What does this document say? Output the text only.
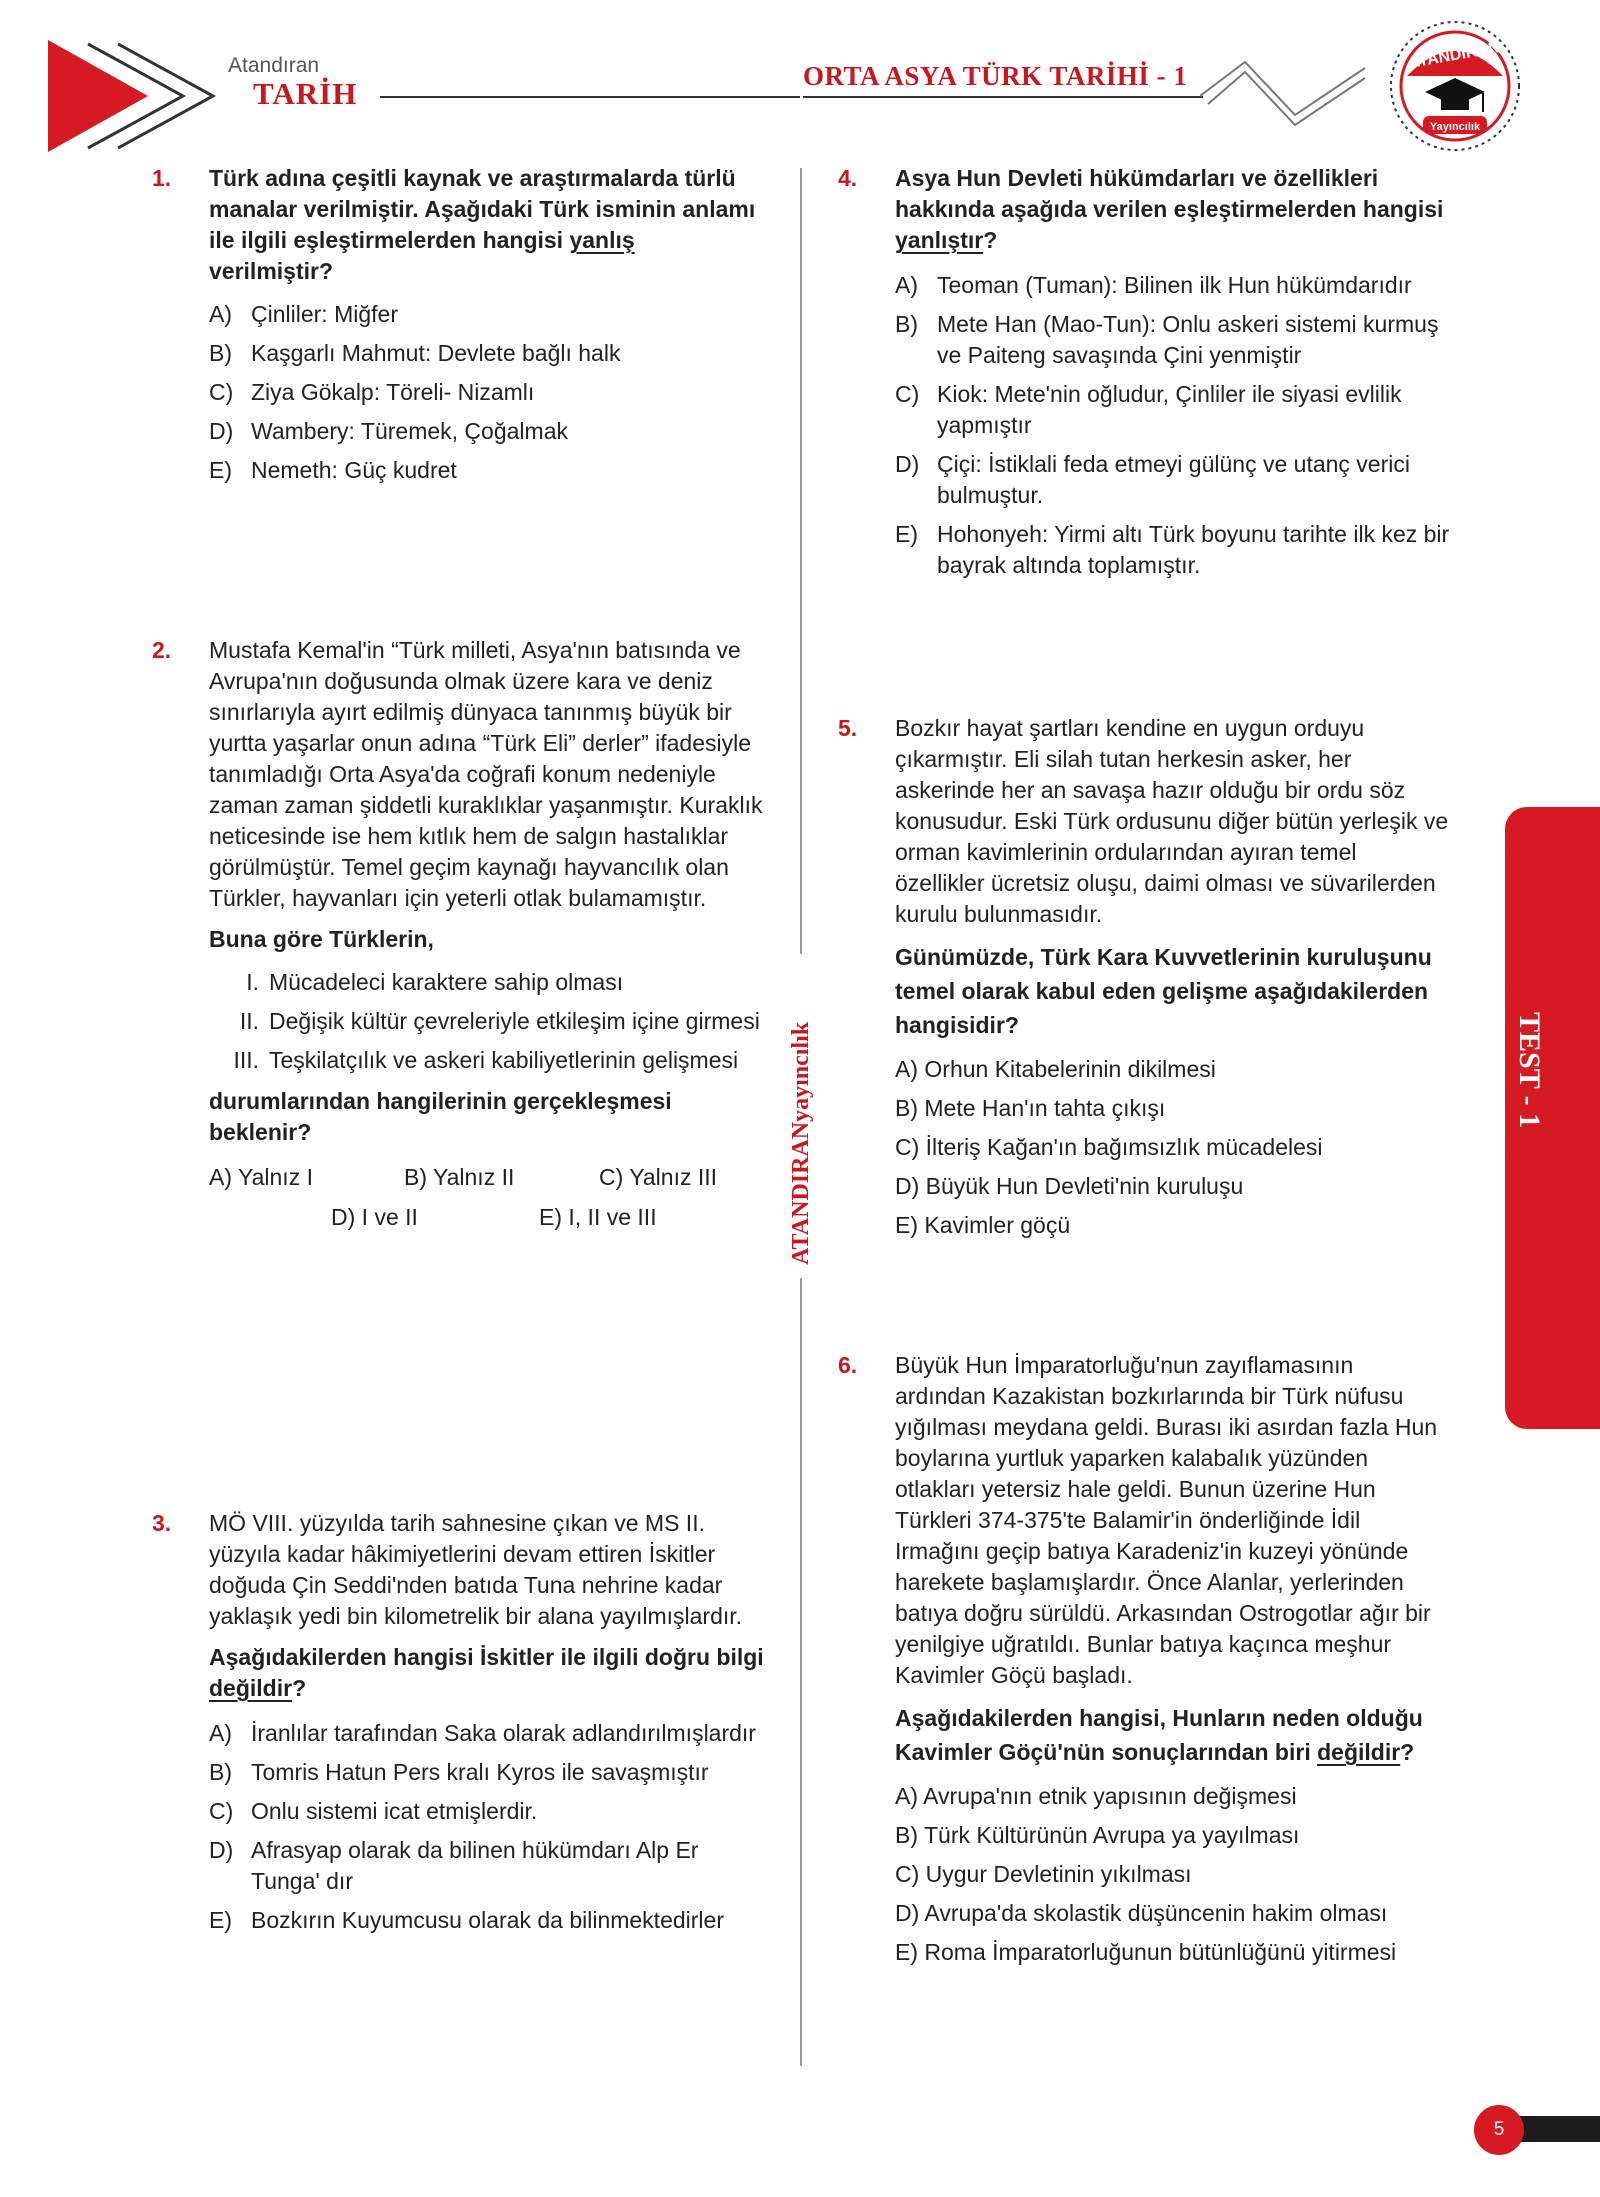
Atandıran
TARİH	ORTA ASYA TÜRK TARİHİ - 1
ATANDIRAN
Yayıncılık
ATANDIRANyayıncılık	TEST - 1
1. Türk adına çeşitli kaynak ve araştırmalarda türlü manalar verilmiştir. Aşağıdaki Türk isminin anlamı ile ilgili eşleştirmelerden hangisi yanlış verilmiştir?

A) Çinliler: Miğfer
B) Kaşgarlı Mahmut: Devlete bağlı halk
C) Ziya Gökalp: Töreli- Nizamlı
D) Wambery: Türemek, Çoğalmak
E) Nemeth: Güç kudret
2. Mustafa Kemal'in “Türk milleti, Asya'nın batısında ve Avrupa'nın doğusunda olmak üzere kara ve deniz sınırlarıyla ayırt edilmiş dünyaca tanınmış büyük bir yurtta yaşarlar onun adına “Türk Eli” derler” ifadesiyle tanımladığı Orta Asya'da coğrafi konum nedeniyle zaman zaman şiddetli kuraklıklar yaşanmıştır. Kuraklık neticesinde ise hem kıtlık hem de salgın hastalıklar görülmüştür. Temel geçim kaynağı hayvancılık olan Türkler, hayvanları için yeterli otlak bulamamıştır.

Buna göre Türklerin,

I. Mücadeleci karaktere sahip olması
II. Değişik kültür çevreleriyle etkileşim içine girmesi
III. Teşkilatçılık ve askeri kabiliyetlerinin gelişmesi

durumlarından hangilerinin gerçekleşmesi beklenir?

A) Yalnız I	B) Yalnız II	C) Yalnız III
D) I ve II	E) I, II ve III
3. MÖ VIII. yüzyılda tarih sahnesine çıkan ve MS II. yüzyıla kadar hâkimiyetlerini devam ettiren İskitler doğuda Çin Seddi'nden batıda Tuna nehrine kadar yaklaşık yedi bin kilometrelik bir alana yayılmışlardır.

Aşağıdakilerden hangisi İskitler ile ilgili doğru bilgi değildir?

A) İranlılar tarafından Saka olarak adlandırılmışlardır
B) Tomris Hatun Pers kralı Kyros ile savaşmıştır
C) Onlu sistemi icat etmişlerdir.
D) Afrasyap olarak da bilinen hükümdarı Alp Er Tunga' dır
E) Bozkırın Kuyumcusu olarak da bilinmektedirler
4. Asya Hun Devleti hükümdarları ve özellikleri hakkında aşağıda verilen eşleştirmelerden hangisi yanlıştır?

A) Teoman (Tuman): Bilinen ilk Hun hükümdarıdır
B) Mete Han (Mao-Tun): Onlu askeri sistemi kurmuş ve Paiteng savaşında Çini yenmiştir
C) Kiok: Mete'nin oğludur, Çinliler ile siyasi evlilik yapmıştır
D) Çiçi: İstiklali feda etmeyi gülünç ve utanç verici bulmuştur.
E) Hohonyeh: Yirmi altı Türk boyunu tarihte ilk kez bir bayrak altında toplamıştır.
5. Bozkır hayat şartları kendine en uygun orduyu çıkarmıştır. Eli silah tutan herkesin asker, her askerinde her an savaşa hazır olduğu bir ordu söz konusudur. Eski Türk ordusunu diğer bütün yerleşik ve orman kavimlerinin ordularından ayıran temel özellikler ücretsiz oluşu, daimi olması ve süvarilerden kurulu bulunmasıdır.

Günümüzde, Türk Kara Kuvvetlerinin kuruluşunu temel olarak kabul eden gelişme aşağıdakilerden hangisidir?

A) Orhun Kitabelerinin dikilmesi
B) Mete Han'ın tahta çıkışı
C) İlteriş Kağan'ın bağımsızlık mücadelesi
D) Büyük Hun Devleti'nin kuruluşu
E) Kavimler göçü
6. Büyük Hun İmparatorluğu'nun zayıflamasının ardından Kazakistan bozkırlarında bir Türk nüfusu yığılması meydana geldi. Burası iki asırdan fazla Hun boylarına yurtluk yaparken kalabalık yüzünden otlakları yetersiz hale geldi. Bunun üzerine Hun Türkleri 374-375'te Balamir'in önderliğinde İdil Irmağını geçip batıya Karadeniz'in kuzeyi yönünde harekete başlamışlardır. Önce Alanlar, yerlerinden batıya doğru sürüldü. Arkasından Ostrogotlar ağır bir yenilgiye uğratıldı. Bunlar batıya kaçınca meşhur Kavimler Göçü başladı.

Aşağıdakilerden hangisi, Hunların neden olduğu Kavimler Göçü'nün sonuçlarından biri değildir?

A) Avrupa'nın etnik yapısının değişmesi
B) Türk Kültürünün Avrupa ya yayılması
C) Uygur Devletinin yıkılması
D) Avrupa'da skolastik düşüncenin hakim olması
E) Roma İmparatorluğunun bütünlüğünü yitirmesi
5
